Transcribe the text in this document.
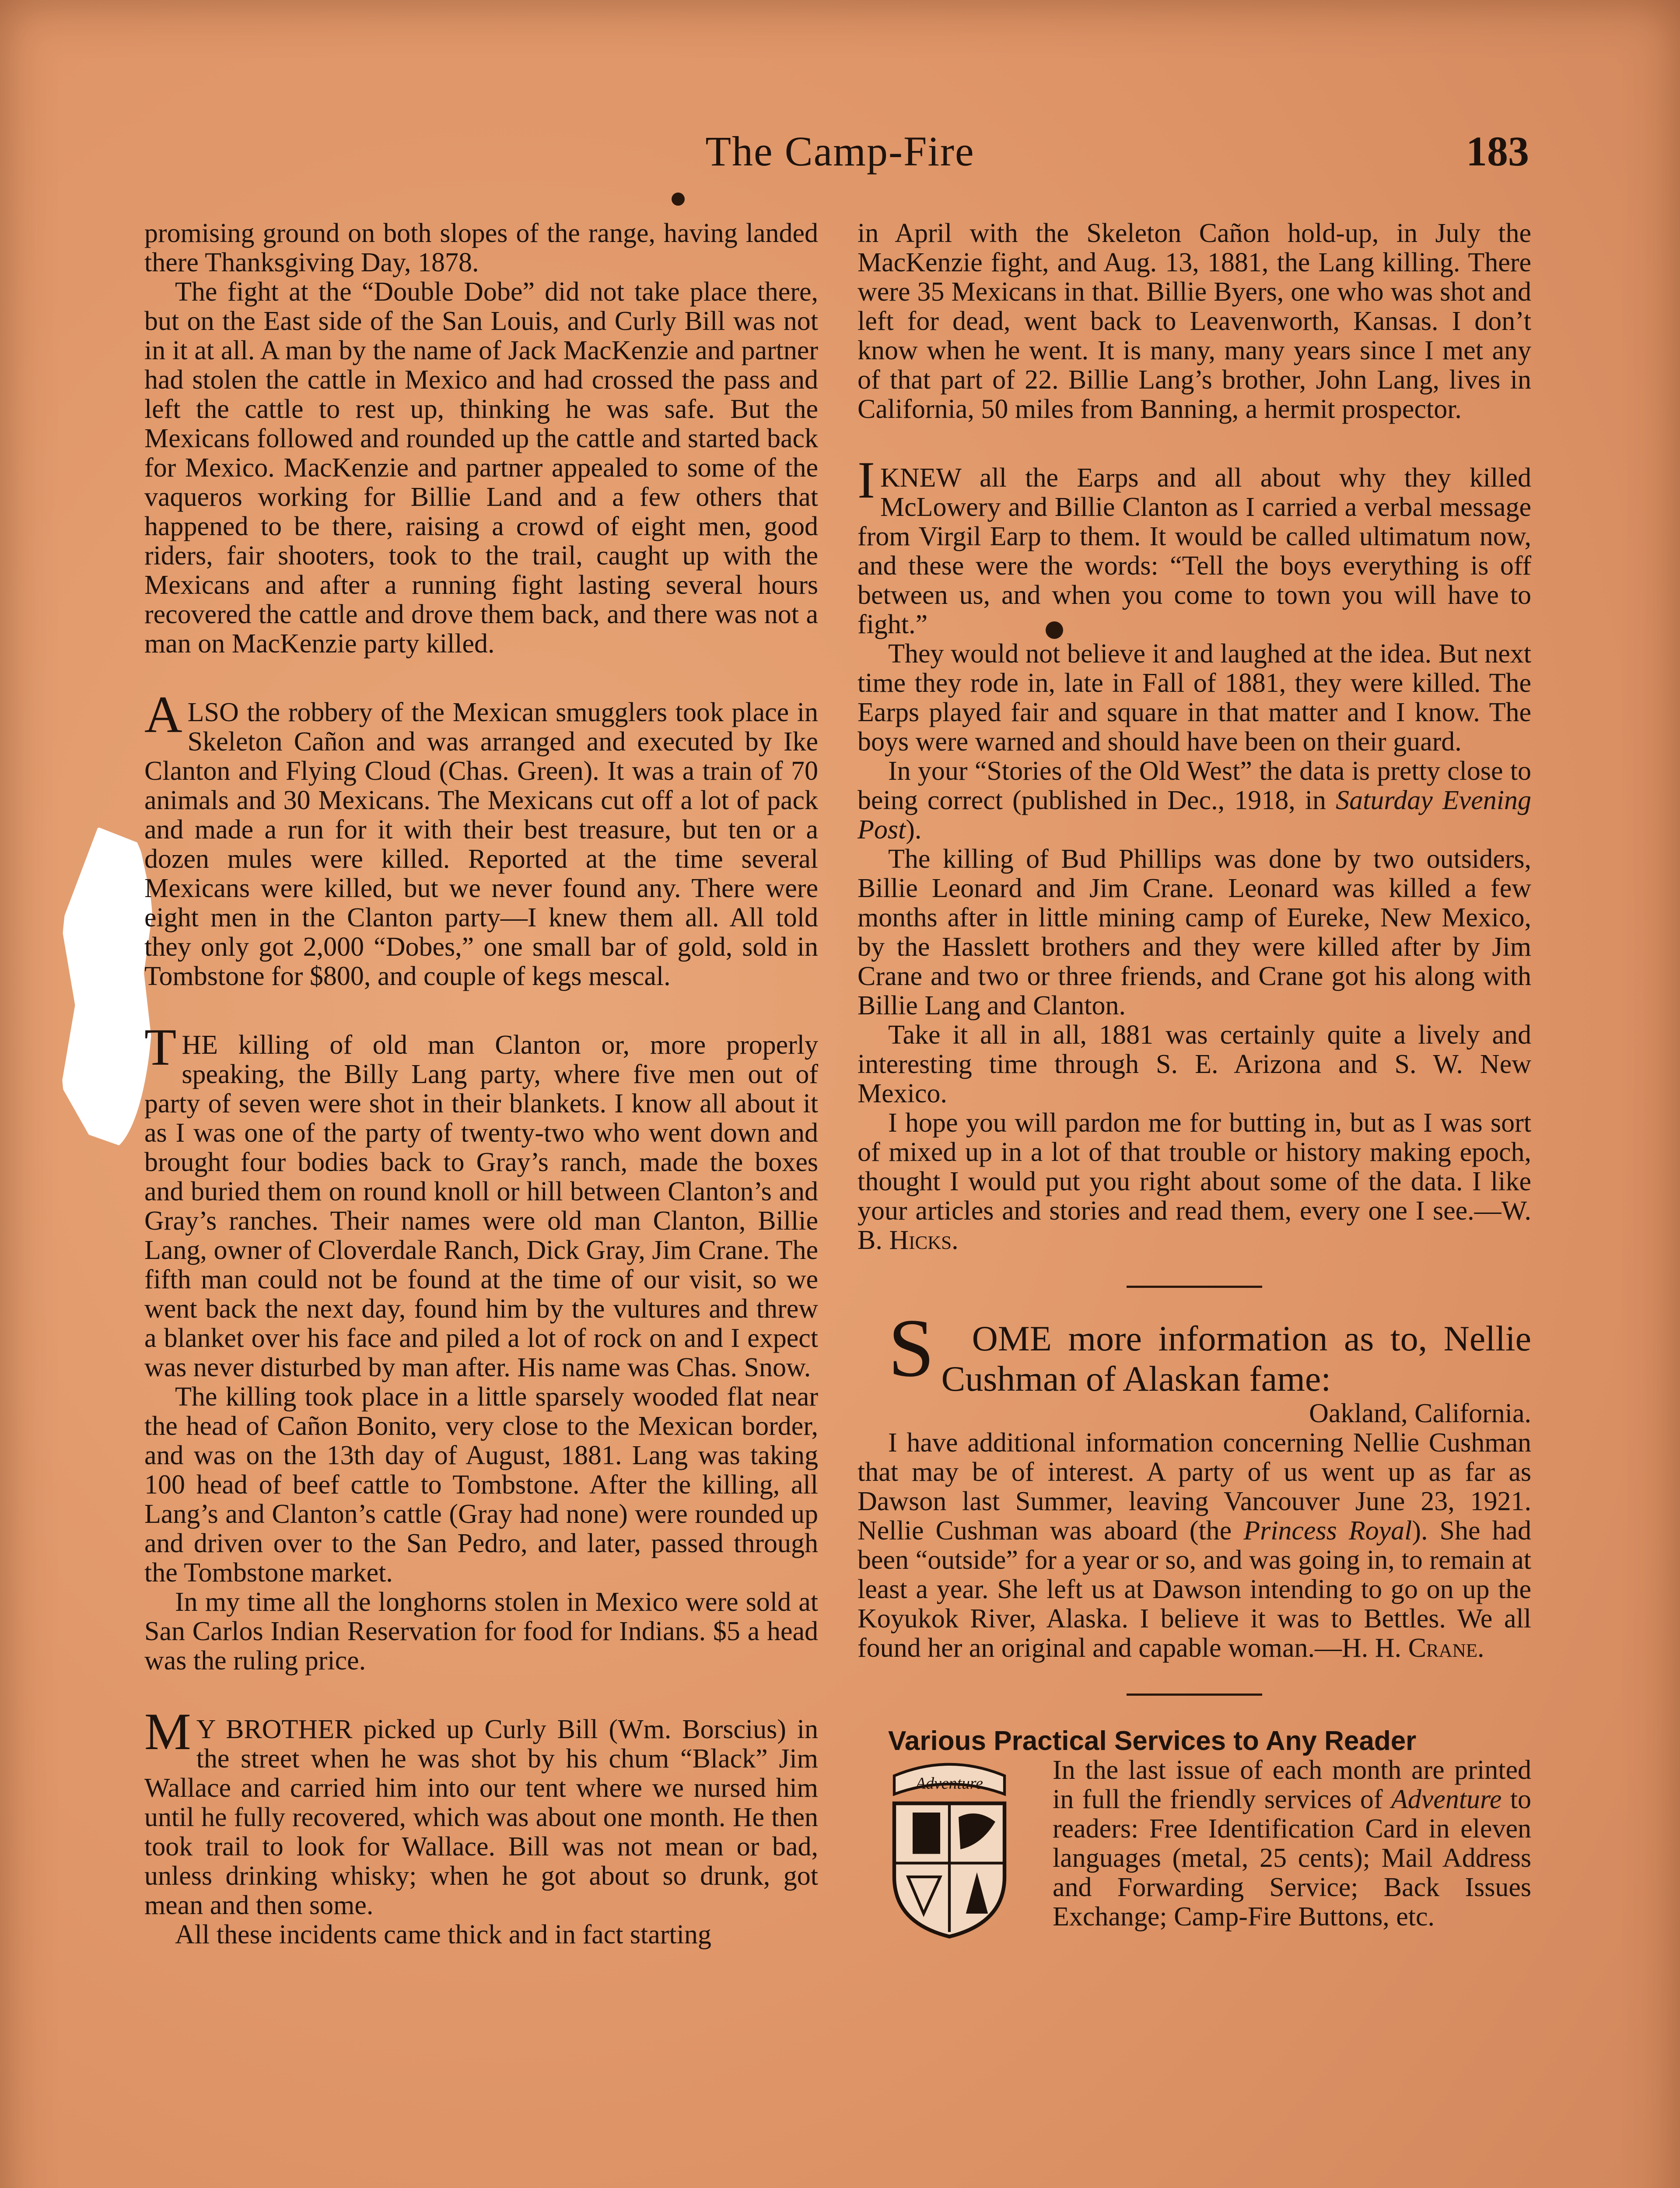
The Camp-Fire	183

promising ground on both slopes of the range, having landed there Thanksgiving Day, 1878.

The fight at the “Double Dobe” did not take place there, but on the East side of the San Louis, and Curly Bill was not in it at all. A man by the name of Jack MacKenzie and partner had stolen the cattle in Mexico and had crossed the pass and left the cattle to rest up, thinking he was safe. But the Mexicans followed and rounded up the cattle and started back for Mexico. MacKenzie and partner appealed to some of the vaqueros working for Billie Land and a few others that happened to be there, raising a crowd of eight men, good riders, fair shooters, took to the trail, caught up with the Mexicans and after a running fight lasting several hours recovered the cattle and drove them back, and there was not a man on MacKenzie party killed.

ALSO the robbery of the Mexican smugglers took place in Skeleton Cañon and was arranged and executed by Ike Clanton and Flying Cloud (Chas. Green). It was a train of 70 animals and 30 Mexicans. The Mexicans cut off a lot of pack and made a run for it with their best treasure, but ten or a dozen mules were killed. Reported at the time several Mexicans were killed, but we never found any. There were eight men in the Clanton party—I knew them all. All told they only got 2,000 “Dobes,” one small bar of gold, sold in Tombstone for $800, and couple of kegs mescal.

THE killing of old man Clanton or, more properly speaking, the Billy Lang party, where five men out of party of seven were shot in their blankets. I know all about it as I was one of the party of twenty-two who went down and brought four bodies back to Gray’s ranch, made the boxes and buried them on round knoll or hill between Clanton’s and Gray’s ranches. Their names were old man Clanton, Billie Lang, owner of Cloverdale Ranch, Dick Gray, Jim Crane. The fifth man could not be found at the time of our visit, so we went back the next day, found him by the vultures and threw a blanket over his face and piled a lot of rock on and I expect was never disturbed by man after. His name was Chas. Snow.

The killing took place in a little sparsely wooded flat near the head of Cañon Bonito, very close to the Mexican border, and was on the 13th day of August, 1881. Lang was taking 100 head of beef cattle to Tombstone. After the killing, all Lang’s and Clanton’s cattle (Gray had none) were rounded up and driven over to the San Pedro, and later, passed through the Tombstone market.

In my time all the longhorns stolen in Mexico were sold at San Carlos Indian Reservation for food for Indians. $5 a head was the ruling price.

M Y BROTHER picked up Curly Bill (Wm. Borscius) in the street when he was shot by his chum “Black” Jim Wallace and carried him into our tent where we nursed him until he fully recovered, which was about one month. He then took trail to look for Wallace. Bill was not mean or bad, unless drinking whisky; when he got about so drunk, got mean and then some.

All these incidents came thick and in fact starting

in April with the Skeleton Cañon hold-up, in July the MacKenzie fight, and Aug. 13, 1881, the Lang killing. There were 35 Mexicans in that. Billie Byers, one who was shot and left for dead, went back to Leavenworth, Kansas. I don’t know when he went. It is many, many years since I met any of that part of 22. Billie Lang’s brother, John Lang, lives in California, 50 miles from Banning, a hermit prospector.

I KNEW all the Earps and all about why they killed McLowery and Billie Clanton as I carried a verbal message from Virgil Earp to them. It would be called ultimatum now, and these were the words: “Tell the boys everything is off between us, and when you come to town you will have to fight.”

They would not believe it and laughed at the idea. But next time they rode in, late in Fall of 1881, they were killed. The Earps played fair and square in that matter and I know. The boys were warned and should have been on their guard.

In your “Stories of the Old West” the data is pretty close to being correct (published in Dec., 1918, in Saturday Evening Post).

The killing of Bud Phillips was done by two outsiders, Billie Leonard and Jim Crane. Leonard was killed a few months after in little mining camp of Eureke, New Mexico, by the Hasslett brothers and they were killed after by Jim Crane and two or three friends, and Crane got his along with Billie Lang and Clanton.

Take it all in all, 1881 was certainly quite a lively and interesting time through S. E. Arizona and S. W. New Mexico.

I hope you will pardon me for butting in, but as I was sort of mixed up in a lot of that trouble or history making epoch, thought I would put you right about some of the data. I like your articles and stories and read them, every one I see.—W. B. Hicks.

S OME more information as to, Nellie Cushman of Alaskan fame:

Oakland, California.

I have additional information concerning Nellie Cushman that may be of interest. A party of us went up as far as Dawson last Summer, leaving Vancouver June 23, 1921. Nellie Cushman was aboard (the Princess Royal). She had been “outside” for a year or so, and was going in, to remain at least a year. She left us at Dawson intending to go on up the Koyukok River, Alaska. I believe it was to Bettles. We all found her an original and capable woman.—H. H. Crane.

Various Practical Services to Any Reader

Adventure	In the last issue of each month are printed in full the friendly services of Adventure to readers: Free Identification Card in eleven languages (metal, 25 cents); Mail Address and Forwarding Service; Back Issues Exchange; Camp-Fire Buttons, etc.
